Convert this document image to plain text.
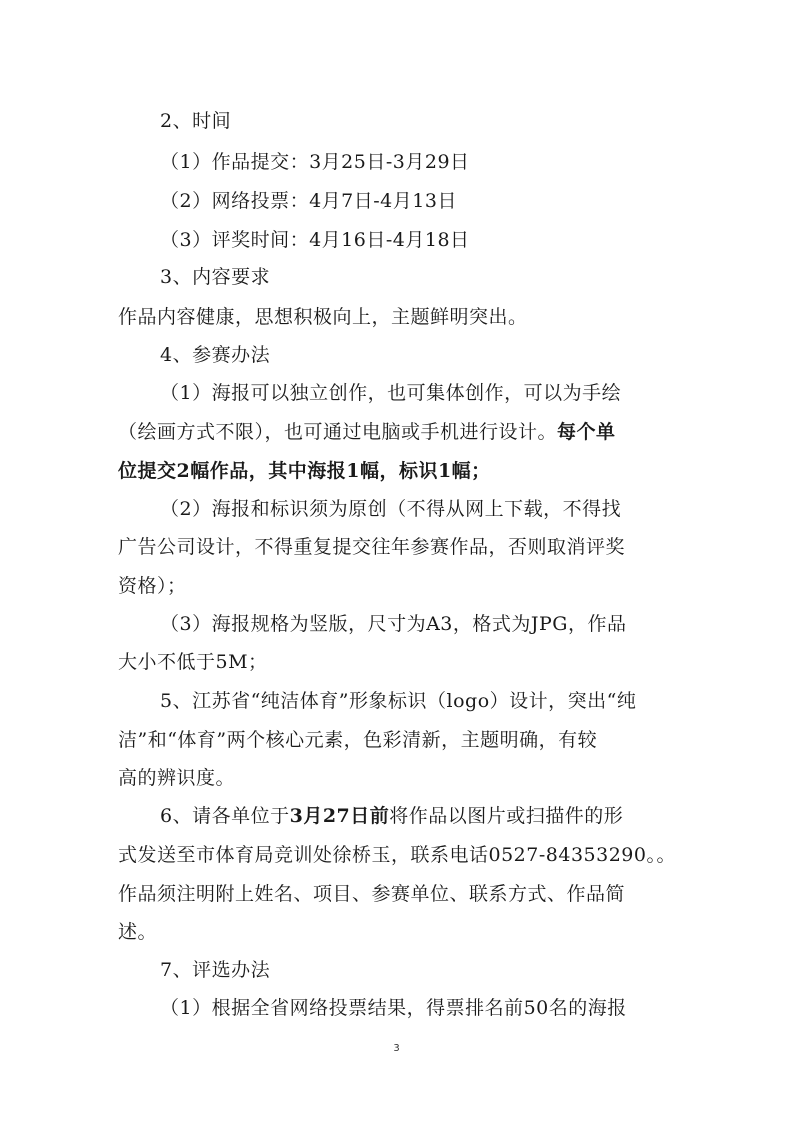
2、时间
（1）作品提交：3月25日-3月29日
（2）网络投票：4月7日-4月13日
（3）评奖时间：4月16日-4月18日
3、内容要求
作品内容健康，思想积极向上，主题鲜明突出。
4、参赛办法
（1）海报可以独立创作，也可集体创作，可以为手绘
（绘画方式不限），也可通过电脑或手机进行设计。每个单
位提交2幅作品，其中海报1幅，标识1幅；
（2）海报和标识须为原创（不得从网上下载，不得找
广告公司设计，不得重复提交往年参赛作品，否则取消评奖
资格）；
（3）海报规格为竖版，尺寸为A3，格式为JPG，作品
大小不低于5M；
5、江苏省“纯洁体育”形象标识（logo）设计，突出“纯
洁”和“体育”两个核心元素，色彩清新，主题明确，有较
高的辨识度。
6、请各单位于3月27日前将作品以图片或扫描件的形
式发送至市体育局竞训处徐桥玉，联系电话0527-84353290。。
作品须注明附上姓名、项目、参赛单位、联系方式、作品简
述。
7、评选办法
（1）根据全省网络投票结果，得票排名前50名的海报
3
